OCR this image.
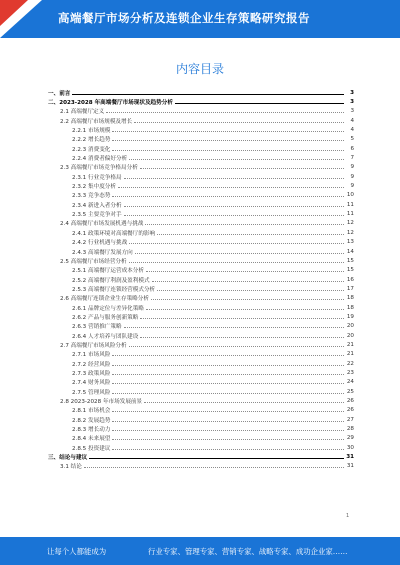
高端餐厅市场分析及连锁企业生存策略研究报告
内容目录
一、前言	3
二、2023-2028 年高端餐厅市场现状及趋势分析	3
2.1 高端餐厅定义	3
2.2 高端餐厅市场规模及增长	4
2.2.1 市场规模	4
2.2.2 增长趋势	5
2.2.3 消费变化	6
2.2.4 消费者偏好分析	7
2.3 高端餐厅市场竞争格局分析	9
2.3.1 行业竞争格局	9
2.3.2 集中度分析	9
2.3.3 竞争态势	10
2.3.4 新进入者分析	11
2.3.5 主要竞争对手	11
2.4 高端餐厅市场发展机遇与挑战	12
2.4.1 政策环境对高端餐厅的影响	12
2.4.2 行业机遇与挑战	13
2.4.3 高端餐厅发展方向	14
2.5 高端餐厅市场经营分析	15
2.5.1 高端餐厅运营成本分析	15
2.5.2 高端餐厅利润及盈利模式	16
2.5.3 高端餐厅连锁经营模式分析	17
2.6 高端餐厅连锁企业生存策略分析	18
2.6.1 品牌定位与差异化策略	18
2.6.2 产品与服务创新策略	19
2.6.3 营销推广策略	20
2.6.4 人才培养与团队建设	20
2.7 高端餐厅市场风险分析	21
2.7.1 市场风险	21
2.7.2 经营风险	22
2.7.3 政策风险	23
2.7.4 财务风险	24
2.7.5 管理风险	25
2.8 2023-2028 年市场发展前景	26
2.8.1 市场机会	26
2.8.2 发展趋势	27
2.8.3 增长动力	28
2.8.4 未来展望	29
2.8.5 投资建议	30
三、结论与建议	31
3.1 结论	31
1
让每个人都能成为	行业专家、管理专家、营销专家、战略专家、成功企业家……
